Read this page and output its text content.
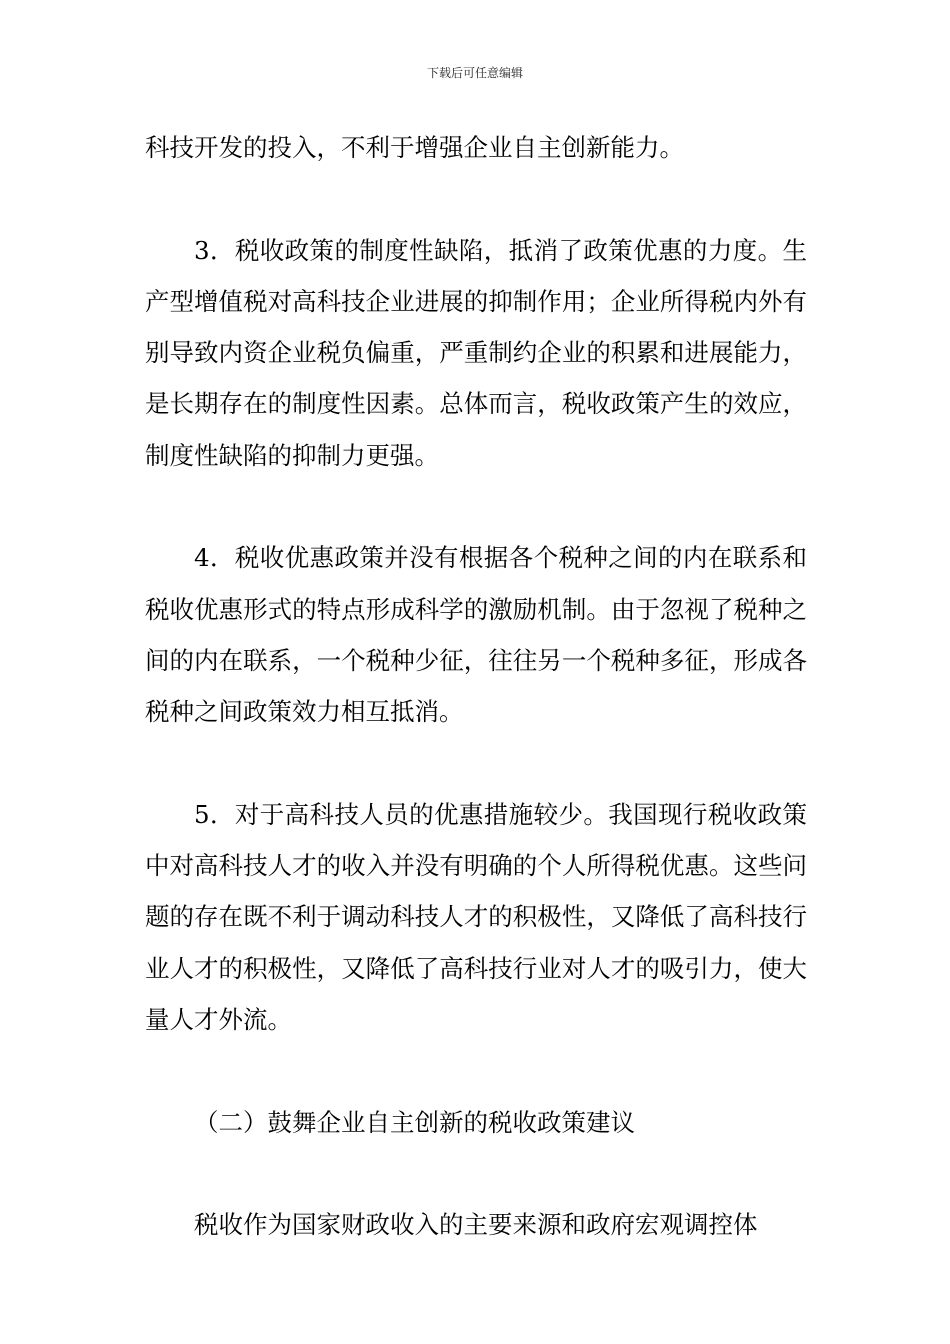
下载后可任意编辑

科技开发的投入，不利于增强企业自主创新能力。

3．税收政策的制度性缺陷，抵消了政策优惠的力度。生产型增值税对高科技企业进展的抑制作用；企业所得税内外有别导致内资企业税负偏重，严重制约企业的积累和进展能力，是长期存在的制度性因素。总体而言，税收政策产生的效应，制度性缺陷的抑制力更强。

4．税收优惠政策并没有根据各个税种之间的内在联系和税收优惠形式的特点形成科学的激励机制。由于忽视了税种之间的内在联系，一个税种少征，往往另一个税种多征，形成各税种之间政策效力相互抵消。

5．对于高科技人员的优惠措施较少。我国现行税收政策中对高科技人才的收入并没有明确的个人所得税优惠。这些问题的存在既不利于调动科技人才的积极性，又降低了高科技行业人才的积极性，又降低了高科技行业对人才的吸引力，使大量人才外流。

（二）鼓舞企业自主创新的税收政策建议

税收作为国家财政收入的主要来源和政府宏观调控体
